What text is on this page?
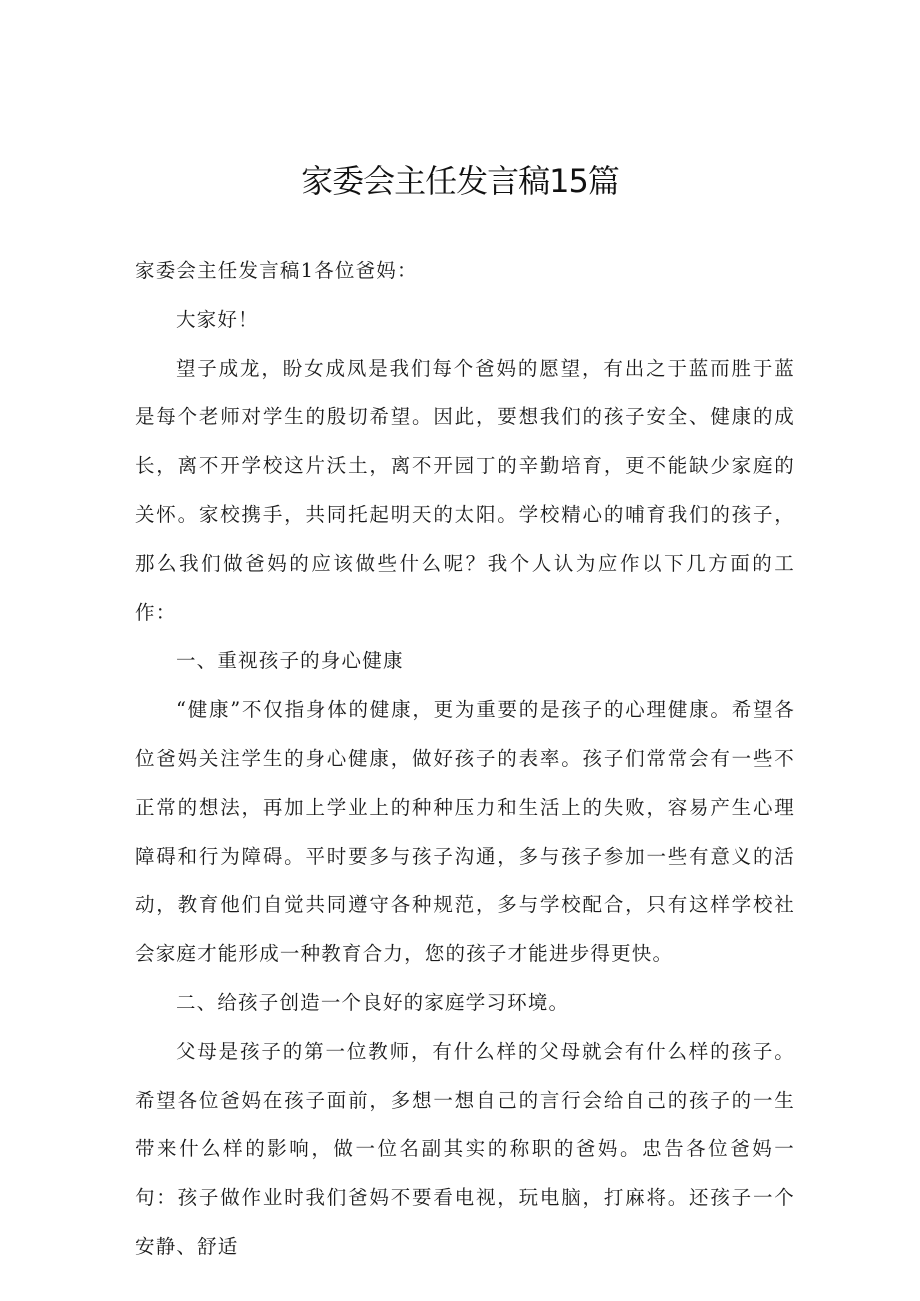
家委会主任发言稿15篇

家委会主任发言稿1各位爸妈：

大家好！

望子成龙，盼女成凤是我们每个爸妈的愿望，有出之于蓝而胜于蓝是每个老师对学生的殷切希望。因此，要想我们的孩子安全、健康的成长，离不开学校这片沃土，离不开园丁的辛勤培育，更不能缺少家庭的关怀。家校携手，共同托起明天的太阳。学校精心的哺育我们的孩子，那么我们做爸妈的应该做些什么呢？我个人认为应作以下几方面的工作：

一、重视孩子的身心健康

“健康”不仅指身体的健康，更为重要的是孩子的心理健康。希望各位爸妈关注学生的身心健康，做好孩子的表率。孩子们常常会有一些不正常的想法，再加上学业上的种种压力和生活上的失败，容易产生心理障碍和行为障碍。平时要多与孩子沟通，多与孩子参加一些有意义的活动，教育他们自觉共同遵守各种规范，多与学校配合，只有这样学校社会家庭才能形成一种教育合力，您的孩子才能进步得更快。

二、给孩子创造一个良好的家庭学习环境。

父母是孩子的第一位教师，有什么样的父母就会有什么样的孩子。希望各位爸妈在孩子面前，多想一想自己的言行会给自己的孩子的一生带来什么样的影响，做一位名副其实的称职的爸妈。忠告各位爸妈一句：孩子做作业时我们爸妈不要看电视，玩电脑，打麻将。还孩子一个安静、舒适
